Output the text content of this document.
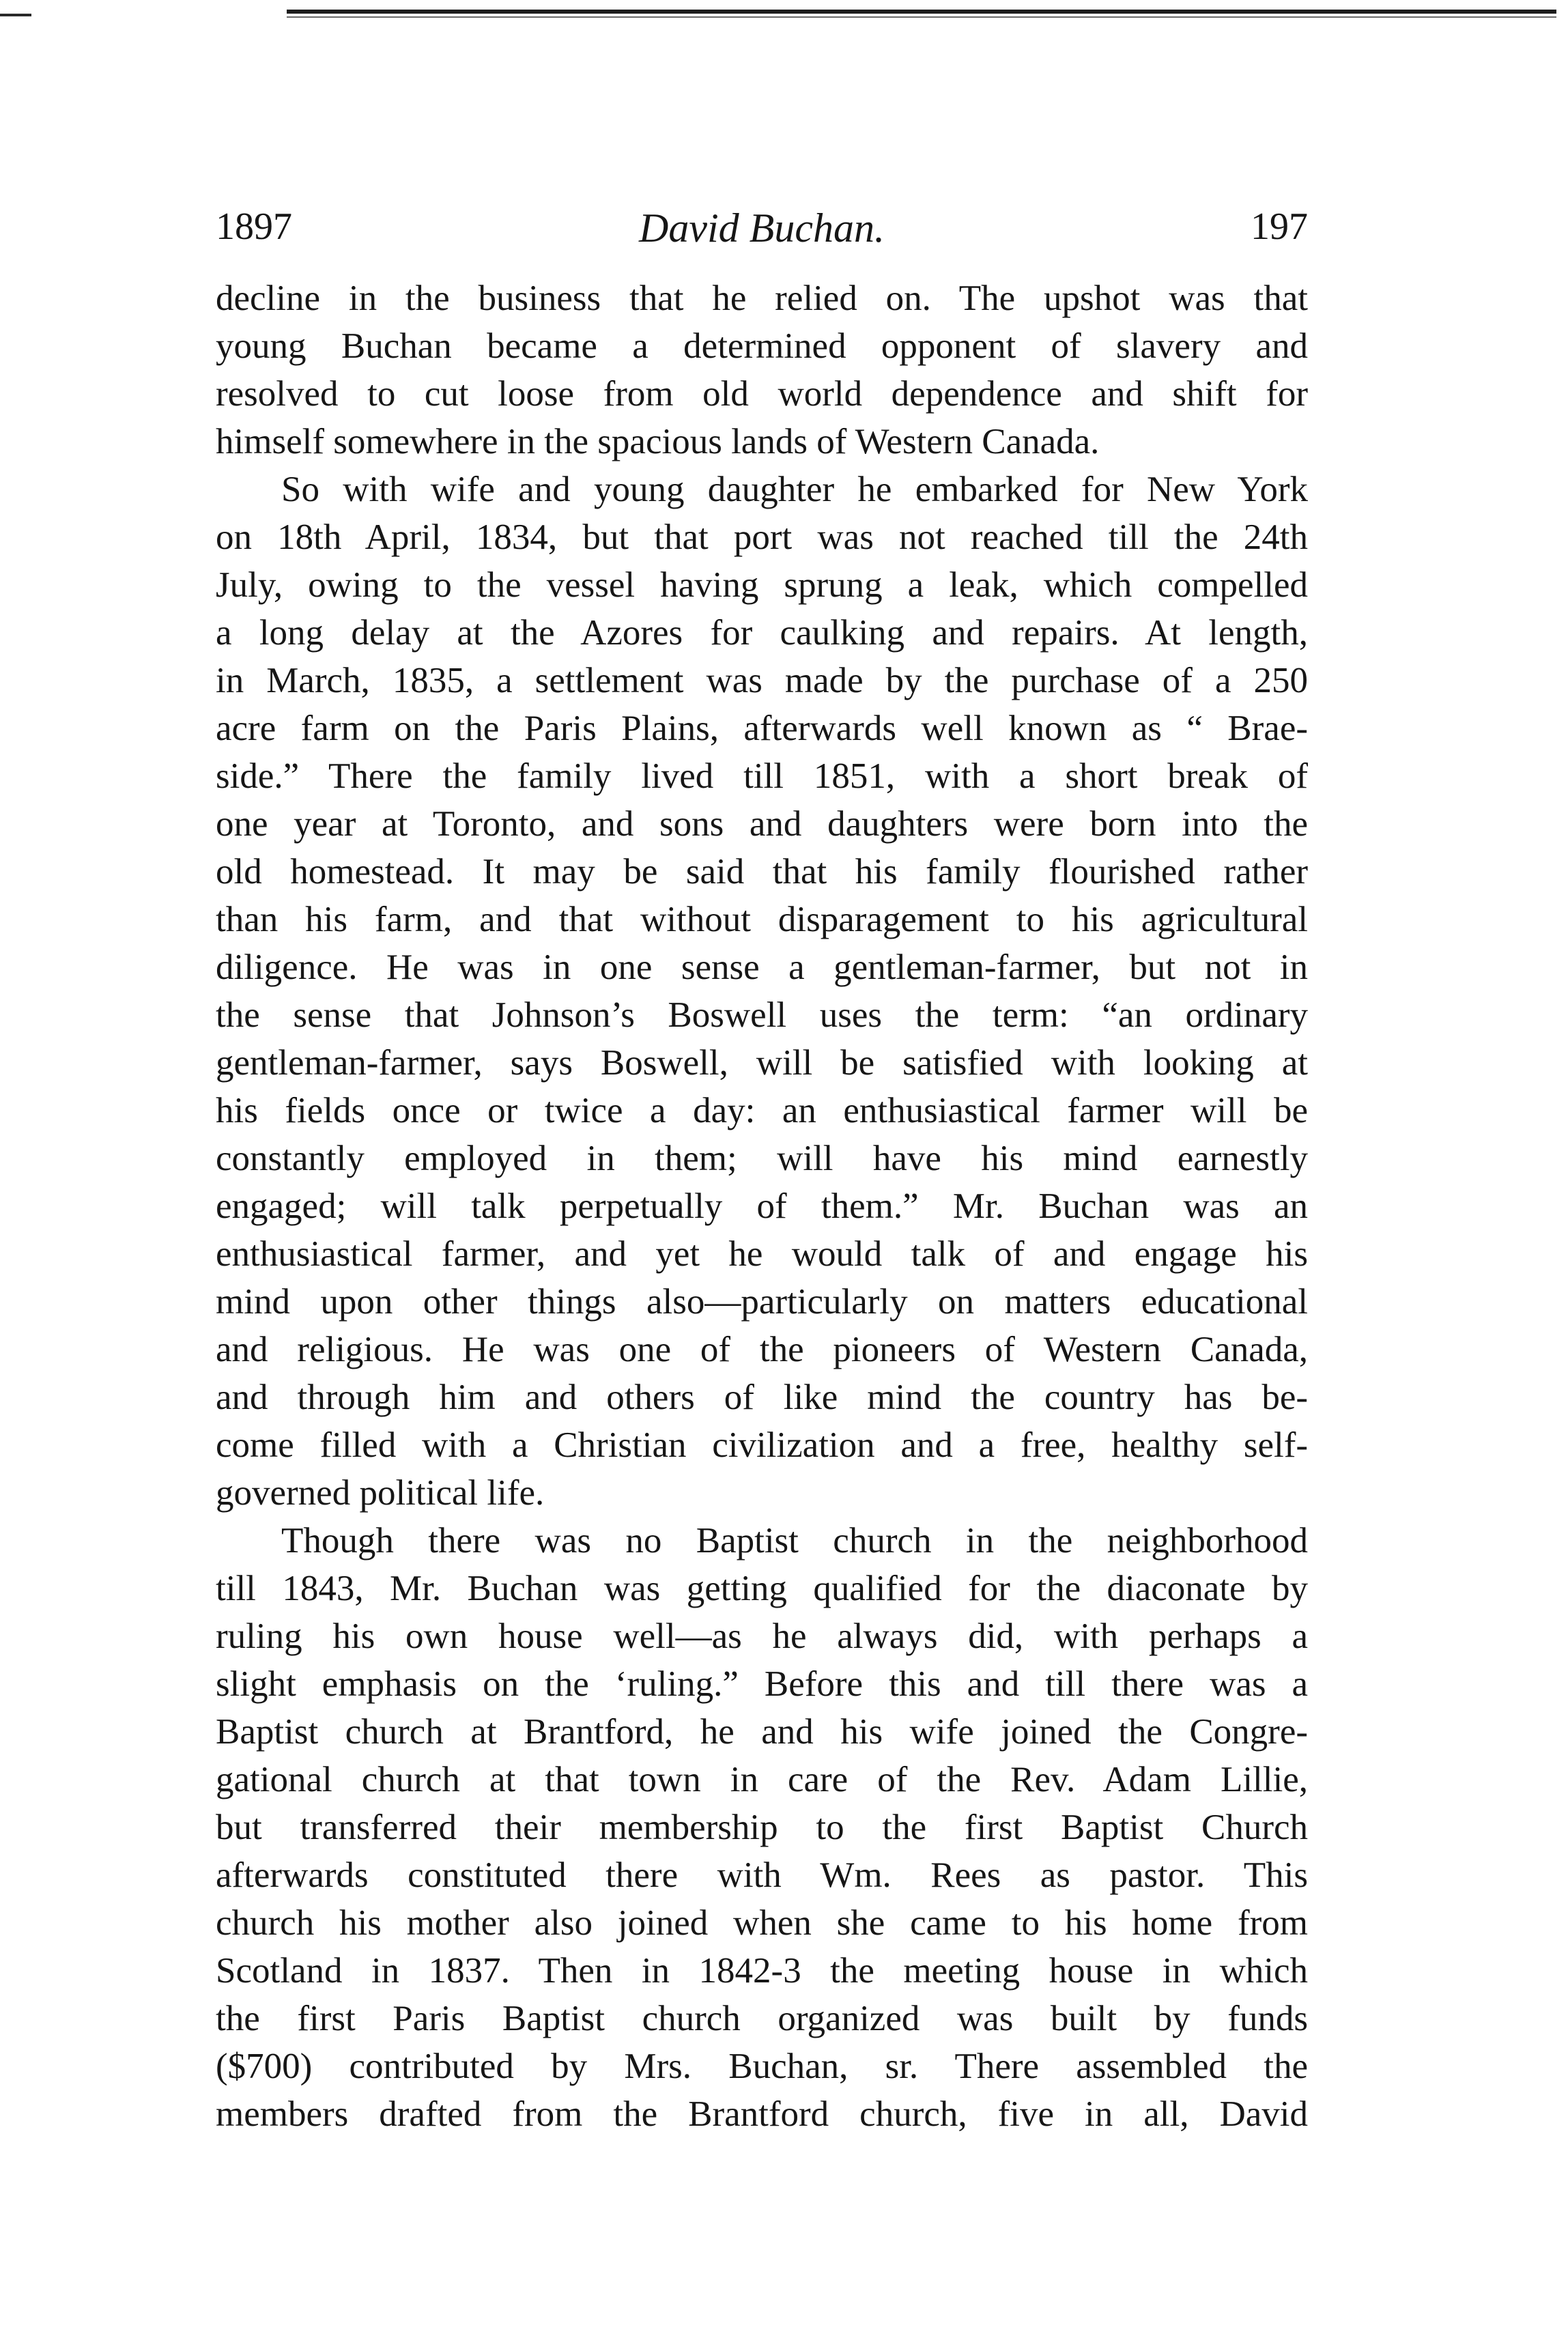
1897	David Buchan.	197
decline in the business that he relied on. The upshot was that
young Buchan became a determined opponent of slavery and
resolved to cut loose from old world dependence and shift for
himself somewhere in the spacious lands of Western Canada.
So with wife and young daughter he embarked for New York
on 18th April, 1834, but that port was not reached till the 24th
July, owing to the vessel having sprung a leak, which compelled
a long delay at the Azores for caulking and repairs. At length,
in March, 1835, a settlement was made by the purchase of a 250
acre farm on the Paris Plains, afterwards well known as “ Brae-
side.” There the family lived till 1851, with a short break of
one year at Toronto, and sons and daughters were born into the
old homestead. It may be said that his family flourished rather
than his farm, and that without disparagement to his agricultural
diligence. He was in one sense a gentleman-farmer, but not in
the sense that Johnson’s Boswell uses the term: “an ordinary
gentleman-farmer, says Boswell, will be satisfied with looking at
his fields once or twice a day: an enthusiastical farmer will be
constantly employed in them; will have his mind earnestly
engaged; will talk perpetually of them.” Mr. Buchan was an
enthusiastical farmer, and yet he would talk of and engage his
mind upon other things also—particularly on matters educational
and religious. He was one of the pioneers of Western Canada,
and through him and others of like mind the country has be-
come filled with a Christian civilization and a free, healthy self-
governed political life.
Though there was no Baptist church in the neighborhood
till 1843, Mr. Buchan was getting qualified for the diaconate by
ruling his own house well—as he always did, with perhaps a
slight emphasis on the ‘ruling.” Before this and till there was a
Baptist church at Brantford, he and his wife joined the Congre-
gational church at that town in care of the Rev. Adam Lillie,
but transferred their membership to the first Baptist Church
afterwards constituted there with Wm. Rees as pastor. This
church his mother also joined when she came to his home from
Scotland in 1837. Then in 1842-3 the meeting house in which
the first Paris Baptist church organized was built by funds
($700) contributed by Mrs. Buchan, sr. There assembled the
members drafted from the Brantford church, five in all, David
